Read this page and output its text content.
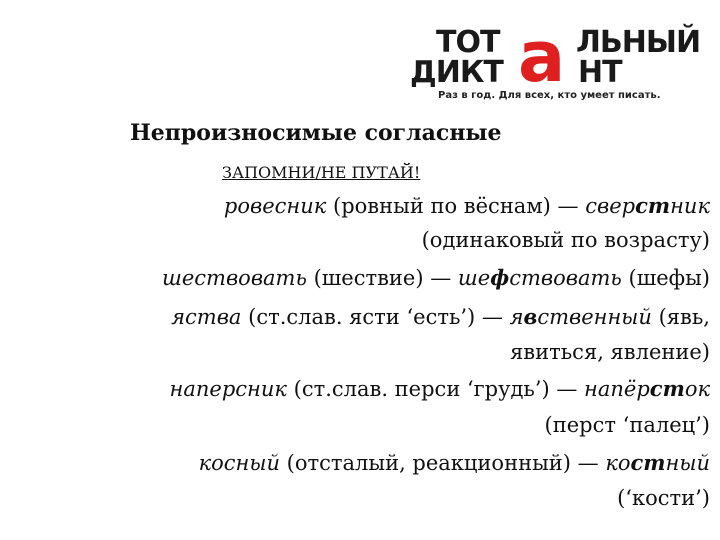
ТОТ	ЛЬНЫЙ
ДИКТ	НТ
а
Раз в год. Для всех, кто умеет писать.
Непроизносимые согласные
ЗАПОМНИ/НЕ ПУТАЙ!
ровесник (ровный по вёснам) — сверстник
(одинаковый по возрасту)
шествовать (шествие) — шефствовать (шефы)
яства (ст.слав. ясти ‘есть’) — явственный (явь,
явиться, явление)
наперсник (ст.слав. перси ‘грудь’) — напёрсток
(перст ‘палец’)
косный (отсталый, реакционный) — костный
(‘кости’)
